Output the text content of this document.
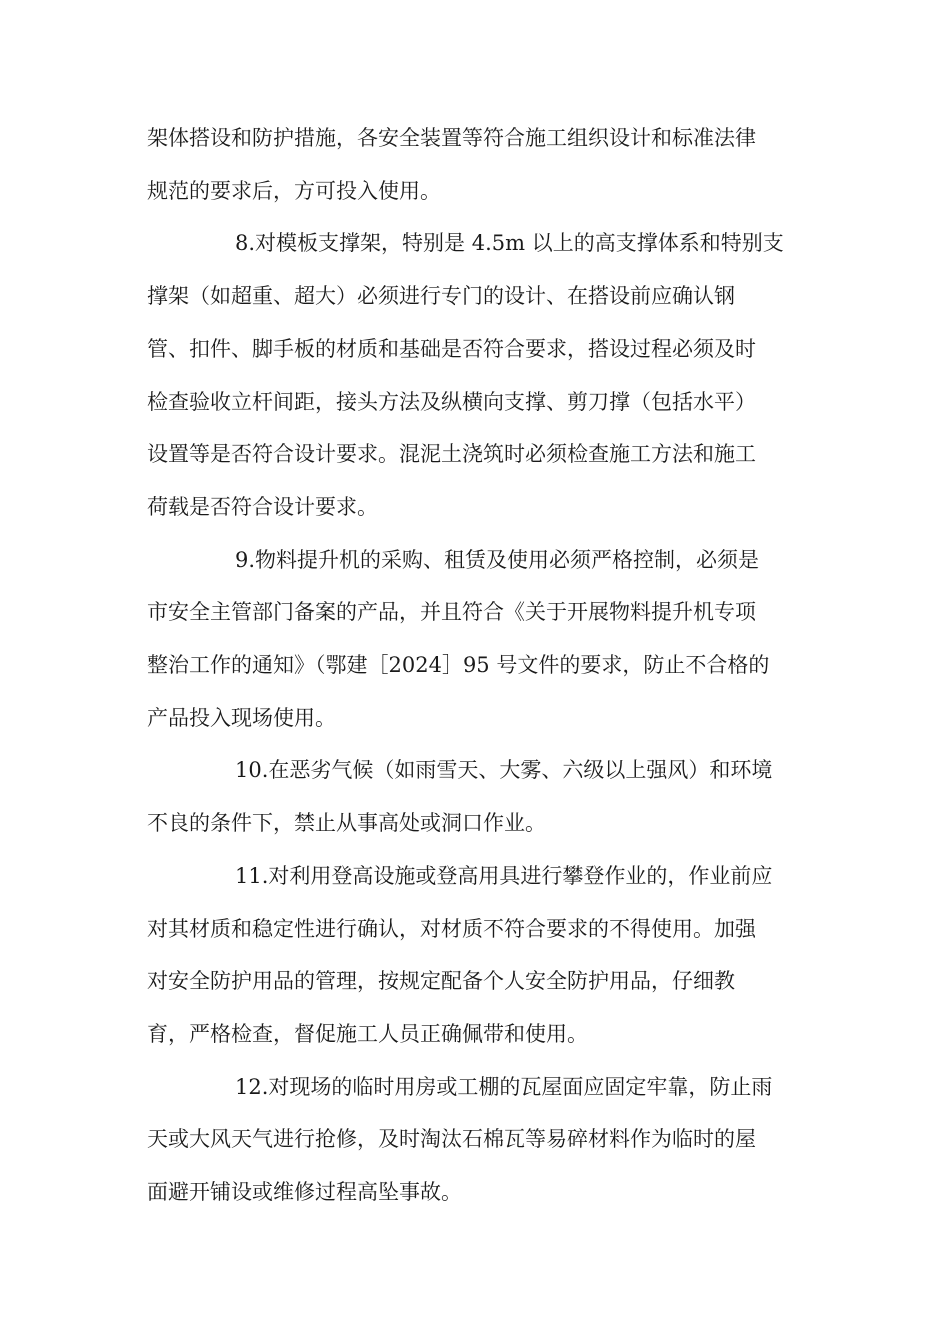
架体搭设和防护措施，各安全装置等符合施工组织设计和标准法律
规范的要求后，方可投入使用。

8.对模板支撑架，特别是 4.5m 以上的高支撑体系和特别支
撑架（如超重、超大）必须进行专门的设计、在搭设前应确认钢
管、扣件、脚手板的材质和基础是否符合要求，搭设过程必须及时
检查验收立杆间距，接头方法及纵横向支撑、剪刀撑（包括水平）
设置等是否符合设计要求。混泥土浇筑时必须检查施工方法和施工
荷载是否符合设计要求。

9.物料提升机的采购、租赁及使用必须严格控制，必须是
市安全主管部门备案的产品，并且符合《关于开展物料提升机专项
整治工作的通知》（鄂建［2024］95 号文件的要求，防止不合格的
产品投入现场使用。

10.在恶劣气候（如雨雪天、大雾、六级以上强风）和环境
不良的条件下，禁止从事高处或洞口作业。

11.对利用登高设施或登高用具进行攀登作业的，作业前应
对其材质和稳定性进行确认，对材质不符合要求的不得使用。加强
对安全防护用品的管理，按规定配备个人安全防护用品，仔细教
育，严格检查，督促施工人员正确佩带和使用。

12.对现场的临时用房或工棚的瓦屋面应固定牢靠，防止雨
天或大风天气进行抢修，及时淘汰石棉瓦等易碎材料作为临时的屋
面避开铺设或维修过程高坠事故。
